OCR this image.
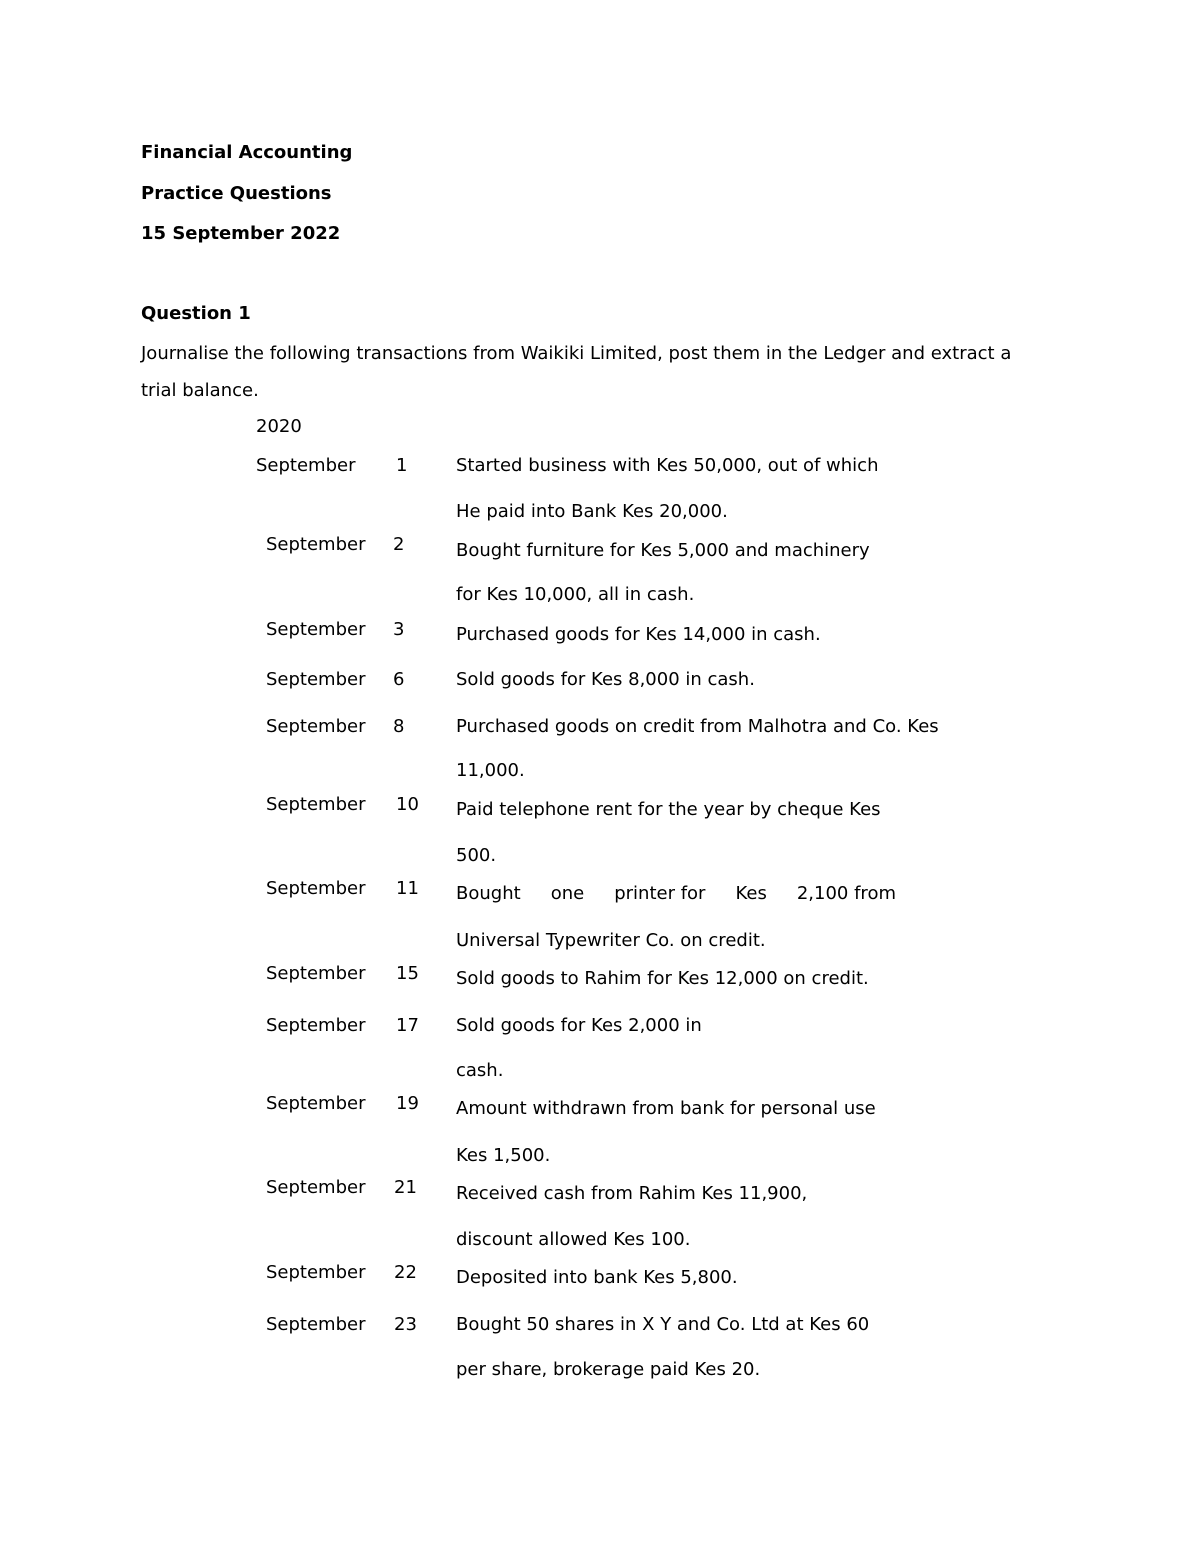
Financial Accounting
Practice Questions
15 September 2022
Question 1
Journalise the following transactions from Waikiki Limited, post them in the Ledger and extract a
trial balance.
2020
September 1	Started business with Kes 50,000, out of which
He paid into Bank Kes 20,000.
September 2	Bought furniture for Kes 5,000 and machinery
for Kes 10,000, all in cash.
September 3	Purchased goods for Kes 14,000 in cash.
September 6	Sold goods for Kes 8,000 in cash.
September 8	Purchased goods on credit from Malhotra and Co. Kes
11,000.
September 10 Paid telephone rent for the year by cheque Kes
500.
September 11 Bought one printer for Kes 2,100 from
Universal Typewriter Co. on credit.
September 15 Sold goods to Rahim for Kes 12,000 on credit.
September 17 Sold goods for Kes 2,000 in
cash.
September 19 Amount withdrawn from bank for personal use
Kes 1,500.
September 21 Received cash from Rahim Kes 11,900,
discount allowed Kes 100.
September 22 Deposited into bank Kes 5,800.
September 23 Bought 50 shares in X Y and Co. Ltd at Kes 60
per share, brokerage paid Kes 20.
